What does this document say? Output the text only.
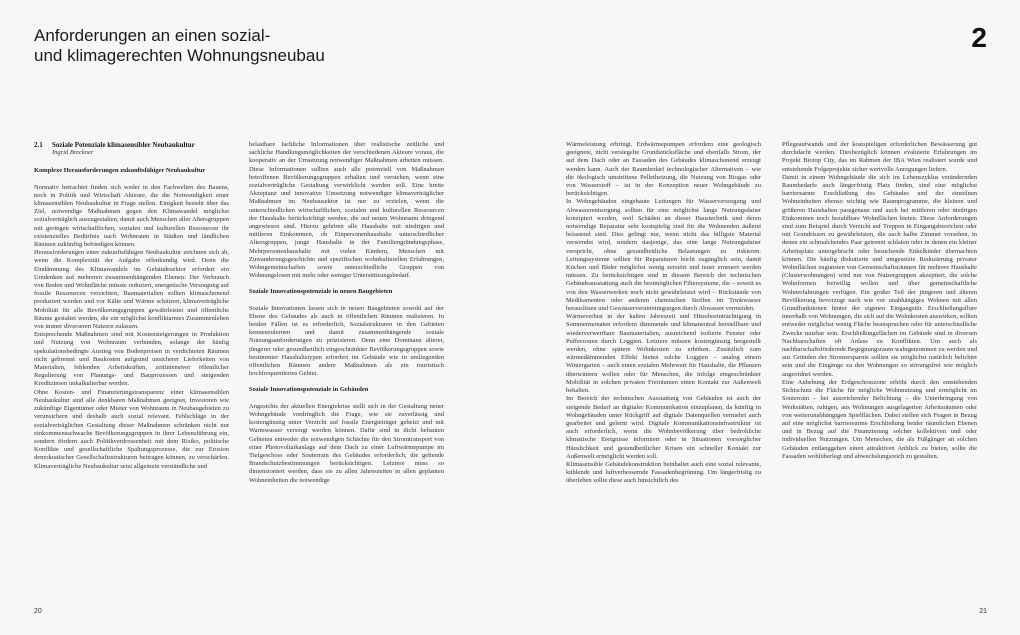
Anforderungen an einen sozial-
und klimagerechten Wohnungsneubau
2
2.1 Soziale Potenziale klimasensibler Neubaukultur
Ingrid Breckner

Komplexe Herausforderungen zukunftsfähiger Neubaukultur

Normativ betrachtet finden sich weder in den Fachwelten des Bauens, noch in Politik und Wirtschaft Akteure, die die Notwendigkeit einer klimasensiblen Neubaukultur in Frage stellen. Einigkeit besteht über das Ziel, notwendige Maßnahmen gegen den Klimawandel möglichst sozialverträglich auszugestalten, damit auch Menschen aller Altersgruppen mit geringen wirtschaftlichen, sozialen und kulturellen Ressourcen ihr existenzielles Bedürfnis nach Wohnraum in Städten und ländlichen Räumen zukünftig befriedigen können.

Herausforderungen einer zukunftsfähigen Neubaukultur zeichnen sich ab, wenn die Komplexität der Aufgabe offenkundig wird. Denn die Eindämmung des Klimawandels im Gebäudesektor erfordert ein Umdenken auf mehreren zusammenhängenden Ebenen: Der Verbrauch von Boden und Wohnfläche müsste reduziert, energetische Versorgung auf fossile Ressourcen verzichten, Baumaterialien sollten klimaschonend produziert werden und vor Kälte und Wärme schützen, klimaverträgliche Mobilität für alle Bevölkerungsgruppen gewährleistet und öffentliche Räume gestaltet werden, die ein möglichst konfliktarmes Zusammenleben von immer diverseren Nutzern zulassen.

Entsprechende Maßnahmen sind mit Kostensteigerungen in Produktion und Nutzung von Wohnraum verbunden, solange der häufig spekulationsbedingte Anstieg von Bodenpreisen in verdichteten Räumen nicht gebremst und Baukosten aufgrund unsicherer Lieferketten von Materialien, fehlenden Arbeitskräften, zeitintensiver öffentlicher Regulierung von Planungs- und Bauprozessen und steigenden Kreditzinsen unkalkulierbar werden.

Ohne Kosten- und Finanzierungstransparenz einer klimasensiblen Neubaukultur sind alle denkbaren Maßnahmen geeignet, Investoren wie zukünftige Eigentümer oder Mieter von Wohnraum in Neubaugebieten zu verunsichern und deshalb auch sozial relevant. Fehlschläge in der sozialverträglichen Gestaltung dieser Maßnahmen schränken nicht nur einkommensschwache Bevölkerungsgruppen in ihrer Lebensführung ein, sondern fördern auch Politikverdrossenheit mit dem Risiko, politische Konflikte und gesellschaftliche Spaltungsprozesse, die zur Erosion demokratischer Gesellschaftsstrukturen beitragen können, zu verschärfen. Klimaverträgliche Neubaukultur setzt allgemein verständliche und

belastbare fachliche Informationen über realistische zeitliche und sachliche Handlungsmöglichkeiten der verschiedenen Akteure voraus, die kooperativ an der Umsetzung notwendiger Maßnahmen arbeiten müssen. Diese Informationen sollten auch alle potenziell von Maßnahmen betroffenen Bevölkerungsgruppen erhalten und verstehen, wenn eine sozialverträgliche Gestaltung verwirklicht werden soll. Eine breite Akzeptanz und innovative Umsetzung notwendiger klimaverträglicher Maßnahmen im Neubausektor ist nur zu erzielen, wenn die unterschiedlichen wirtschaftlichen, sozialen und kulturellen Ressourcen der Haushalte berücksichtigt werden, die auf neuen Wohnraum dringend angewiesen sind. Hierzu gehören alle Haushalte mit niedrigen und mittleren Einkommen, ob Einpersonenhaushalte unterschiedlicher Altersgruppen, junge Haushalte in der Familiengründungsphase, Mehrpersonenhaushalte mit vielen Kindern, Menschen mit Zuwanderungsgeschichte und spezifischen wohnkulturellen Erfahrungen, Wohngemeinschaften sowie unterschiedliche Gruppen von Wohnungslosen mit mehr oder weniger Unterstützungsbedarf.

Soziale Innovationspotenziale in neuen Baugebieten

Soziale Innovationen lassen sich in neuen Baugebieten sowohl auf der Ebene des Gebäudes als auch in öffentlichen Räumen realisieren. In beiden Fällen ist es erforderlich, Sozialstrukturen in den Gebieten kennenzulernen und damit zusammenhängende soziale Nutzungsanforderungen zu präzisieren. Denn eine Dominanz älterer, jüngerer oder gesundheitlich eingeschränkter Bevölkerungsgruppen sowie bestimmter Haushaltstypen erfordert im Gebäude wie in umliegenden öffentlichen Räumen andere Maßnahmen als ein touristisch hochfrequentiertes Gebiet.

Soziale Innovationspotenziale in Gebäuden

Angesichts der aktuellen Energiekrise stellt sich in der Gestaltung neuer Wohngebäude vordringlich die Frage, wie sie zuverlässig und kostengünstig unter Verzicht auf fossile Energieträger geheizt und mit Warmwasser versorgt werden können. Dafür sind in dicht bebauten Gebieten entweder die notwendigen Schächte für den Stromtransport von einer Photovoltaikanlage auf dem Dach zu einer Luftwärmepumpe im Tiefgeschoss oder Souterrain des Gebäudes erforderlich, die geltende Brandschutzbestimmungen berücksichtigen. Letztere muss so dimensioniert werden, dass sie zu allen Jahreszeiten in allen geplanten Wohneinheiten die notwendige

Wärmeleistung erbringt. Erdwärmepumpen erfordern eine geologisch geeignete, nicht versiegelte Grundstücksfläche und ebenfalls Strom, der auf dem Dach oder an Fassaden des Gebäudes klimaschonend erzeugt werden kann. Auch der Raumbedarf technologischer Alternativen – wie die ökologisch umstrittene Pelletheizung, die Nutzung von Biogas oder von Wasserstoff – ist in der Konzeption neuer Wohngebäude zu berücksichtigen.

In Wohngebäuden eingebaute Leitungen für Wasserversorgung und Abwasserentsorgung sollten für eine möglichst lange Nutzungsdauer konzipiert werden, weil Schäden an dieser Haustechnik und deren notwendige Reparatur sehr kostspielig sind für die Wohnenden äußerst belastend sind. Dies gelingt nur, wenn nicht das billigste Material verwendet wird, sondern dasjenige, das eine lange Nutzungsdauer verspricht, ohne gesundheitliche Belastungen zu riskieren. Leitungssysteme sollten für Reparaturen leicht zugänglich sein, damit Küchen und Bäder möglichst wenig zerstört und teuer erneuert werden müssen. Zu berücksichtigen sind in diesem Bereich der technischen Gebäudeausstattung auch die bestmöglichen Filtersysteme, die – soweit es von den Wasserwerken noch nicht gewährleistet wird – Rückstände von Medikamenten oder anderen chemischen Stoffen im Trinkwasser herauslösen und Gewässerverunreinigungen durch Abwasser vermeiden.

Wärmeverlust in der kalten Jahreszeit und Hitzebeeinträchtigung in Sommermonaten erfordern dämmende und klimaneutral herstellbare und wiederverwertbare Baumaterialien, ausreichend isolierte Fenster oder Pufferzonen durch Loggien. Letztere müssen kostengünstig hergestellt werden, ohne spätere Wohnkosten zu erhöhen. Zusätzlich zum wärmedämmenden Effekt bieten solche Loggien – analog einem Wintergarten – auch einen sozialen Mehrwert für Haushalte, die Pflanzen überwintern wollen oder für Menschen, die infolge eingeschränkter Mobilität in solchen privaten Freiräumen einen Kontakt zur Außenwelt behalten.

Im Bereich der technischen Ausstattung von Gebäuden ist auch der steigende Bedarf an digitaler Kommunikation einzuplanen, da künftig in Wohngebäuden unter Rückgriff auf digitale Datenquellen vermehrt auch gearbeitet und gelernt wird. Digitale Kommunikationsinfrastruktur ist auch erforderlich, wenn die Wohnbevölkerung über bedrohliche klimatische Ereignisse informiert oder in Situationen vorsorglicher Häuslichkeit und gesundheitlicher Krisen ein schneller Kontakt zur Außenwelt ermöglicht werden soll.

Klimasensible Gebäudekonstruktion beinhaltet auch eine sozial relevante, kühlende und luftverbessernde Fassadenbegrünung. Um längerfristig zu überleben sollte diese auch hinsichtlich des

Pflegeaufwands und der kostspieligen erforderlichen Bewässerung gut durchdacht werden. Diesbezüglich können evaluierte Erfahrungen im Projekt Biotop City, das im Rahmen der IBA Wien realisiert wurde und entstehende Folgeprojekte sicher wertvolle Anregungen liefern.

Damit in einem Wohngebäude die sich im Lebenszyklus verändernden Raumbedarfe auch längerfristig Platz finden, sind eine möglichst barrierearme Erschließung des Gebäudes und der einzelnen Wohneinheiten ebenso wichtig wie Raumprogramme, die kleinen und größeren Haushalten passgenaue und auch bei mittleren oder niedrigen Einkommen noch bezahlbare Wohnflächen bieten. Diese Anforderungen sind zum Beispiel durch Verzicht auf Treppen in Eingangsbereichen oder mit Grundrissen zu gewährleisten, die auch halbe Zimmer vorsehen, in denen ein schmalchendes Paar getrennt schlafen oder in denen ein kleiner Arbeitsplatz untergebracht oder besuchende Enkelkinder übernachten können. Die häufig diskutierte und umgesetzte Reduzierung privater Wohnflächen zugunsten von Gemeinschaftsräumen für mehrere Haushalte (Clusterwohnungen) wird nur von Nutzergruppen akzeptiert, die solche Wohnformen freiwillig wollen und über gemeinschaftliche Wohnerfahrungen verfügen. Ein großer Teil der jüngeren und älteren Bevölkerung bevorzugt nach wie vor unabhängiges Wohnen mit allen Grundfunktionen hinter der eigenen Eingangstür. Erschließungsflure innerhalb von Wohnungen, die sich auf die Wohnkosten auswirken, sollten entweder möglichst wenig Fläche beanspruchen oder für unterschiedliche Zwecke nutzbar sein. Erschließungsflächen im Gebäude sind in diversen Nachbarschaften oft Anlass zu Konflikten. Um auch als nachbarschaftsfördernde Begegnungsraum wahrgenommen zu werden und aus Gründen der Stromersparnis sollten sie möglichst natürlich belichtet sein und die Eingänge zu den Wohnungen so störungsfrei wie möglich angeordnet werden.

Eine Anhebung der Erdgeschosszone erhöht durch den entstehenden Sichtschutz die Fläche für mögliche Wohnnutzung und ermöglicht im Souterrain – bei ausreichender Belichtung – die Unterbringung von Werkstätten, ruhigen, aus Wohnungen ausgelagerten Arbeitsräumen oder von wetterunabhängigen Spielflächen. Dabei stellen sich Fragen in Bezug auf eine möglichst barrierearme Erschließung beider räumlichen Ebenen und in Bezug auf die Finanzierung solcher kollektiven und oder individuellen Nutzungen. Um Menschen, die als Fußgänger an solchen Gebäuden entlanggehen einen attraktiven Anblick zu bieten, sollte die Fassaden wohlüberlegt und abwechslungsreich zu gestalten.

20	21
